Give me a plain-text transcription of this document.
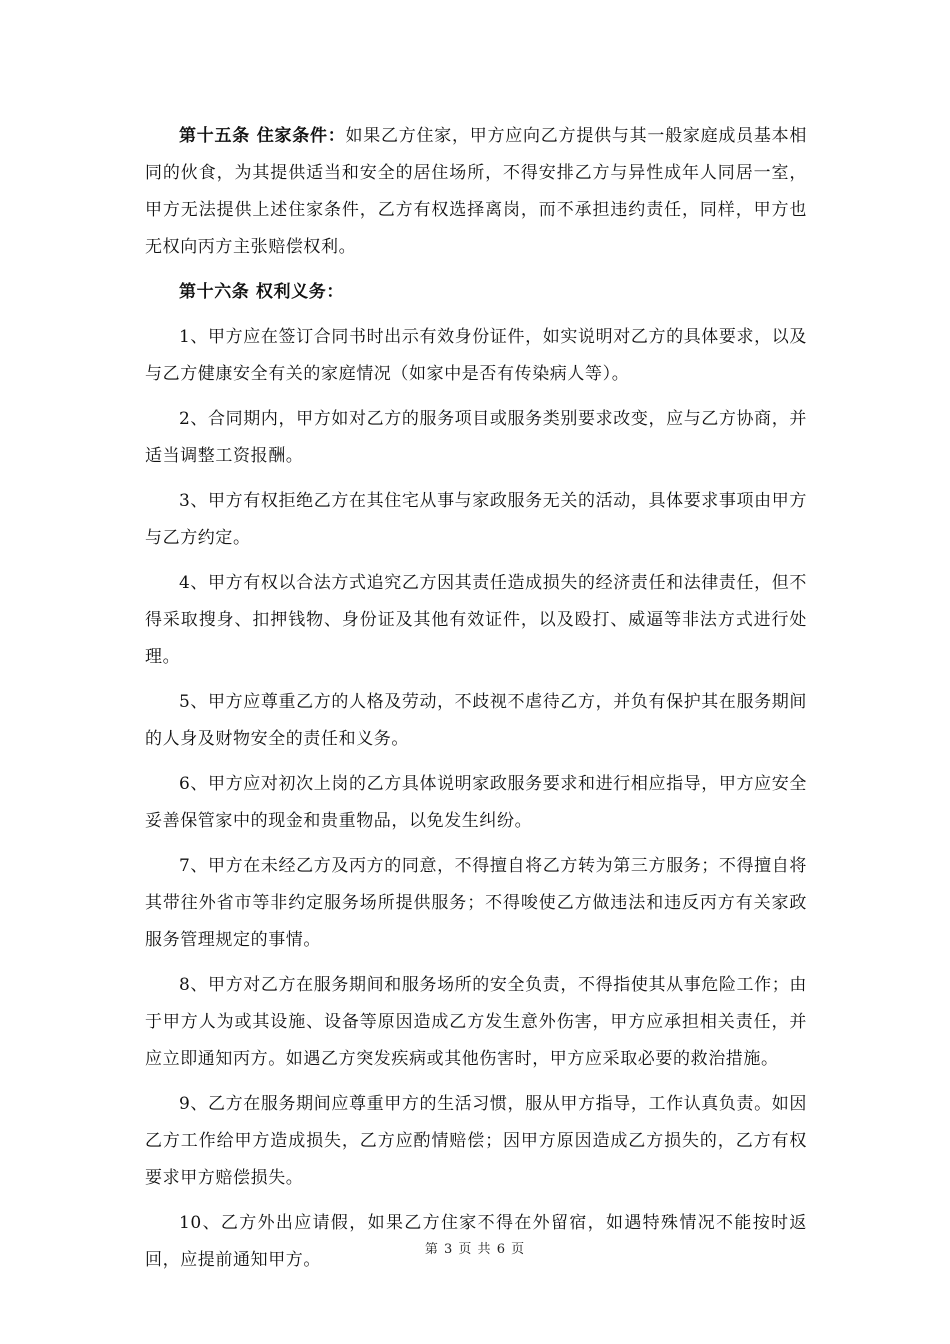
第十五条 住家条件：如果乙方住家，甲方应向乙方提供与其一般家庭成员基本相同的伙食，为其提供适当和安全的居住场所，不得安排乙方与异性成年人同居一室，甲方无法提供上述住家条件，乙方有权选择离岗，而不承担违约责任，同样，甲方也无权向丙方主张赔偿权利。

第十六条 权利义务：

1、甲方应在签订合同书时出示有效身份证件，如实说明对乙方的具体要求，以及与乙方健康安全有关的家庭情况（如家中是否有传染病人等）。

2、合同期内，甲方如对乙方的服务项目或服务类别要求改变，应与乙方协商，并适当调整工资报酬。

3、甲方有权拒绝乙方在其住宅从事与家政服务无关的活动，具体要求事项由甲方与乙方约定。

4、甲方有权以合法方式追究乙方因其责任造成损失的经济责任和法律责任，但不得采取搜身、扣押钱物、身份证及其他有效证件，以及殴打、威逼等非法方式进行处理。

5、甲方应尊重乙方的人格及劳动，不歧视不虐待乙方，并负有保护其在服务期间的人身及财物安全的责任和义务。

6、甲方应对初次上岗的乙方具体说明家政服务要求和进行相应指导，甲方应安全妥善保管家中的现金和贵重物品，以免发生纠纷。

7、甲方在未经乙方及丙方的同意，不得擅自将乙方转为第三方服务；不得擅自将其带往外省市等非约定服务场所提供服务；不得唆使乙方做违法和违反丙方有关家政服务管理规定的事情。

8、甲方对乙方在服务期间和服务场所的安全负责，不得指使其从事危险工作；由于甲方人为或其设施、设备等原因造成乙方发生意外伤害，甲方应承担相关责任，并应立即通知丙方。如遇乙方突发疾病或其他伤害时，甲方应采取必要的救治措施。

9、乙方在服务期间应尊重甲方的生活习惯，服从甲方指导，工作认真负责。如因乙方工作给甲方造成损失，乙方应酌情赔偿；因甲方原因造成乙方损失的，乙方有权要求甲方赔偿损失。

10、乙方外出应请假，如果乙方住家不得在外留宿，如遇特殊情况不能按时返回，应提前通知甲方。

第 3 页 共 6 页
